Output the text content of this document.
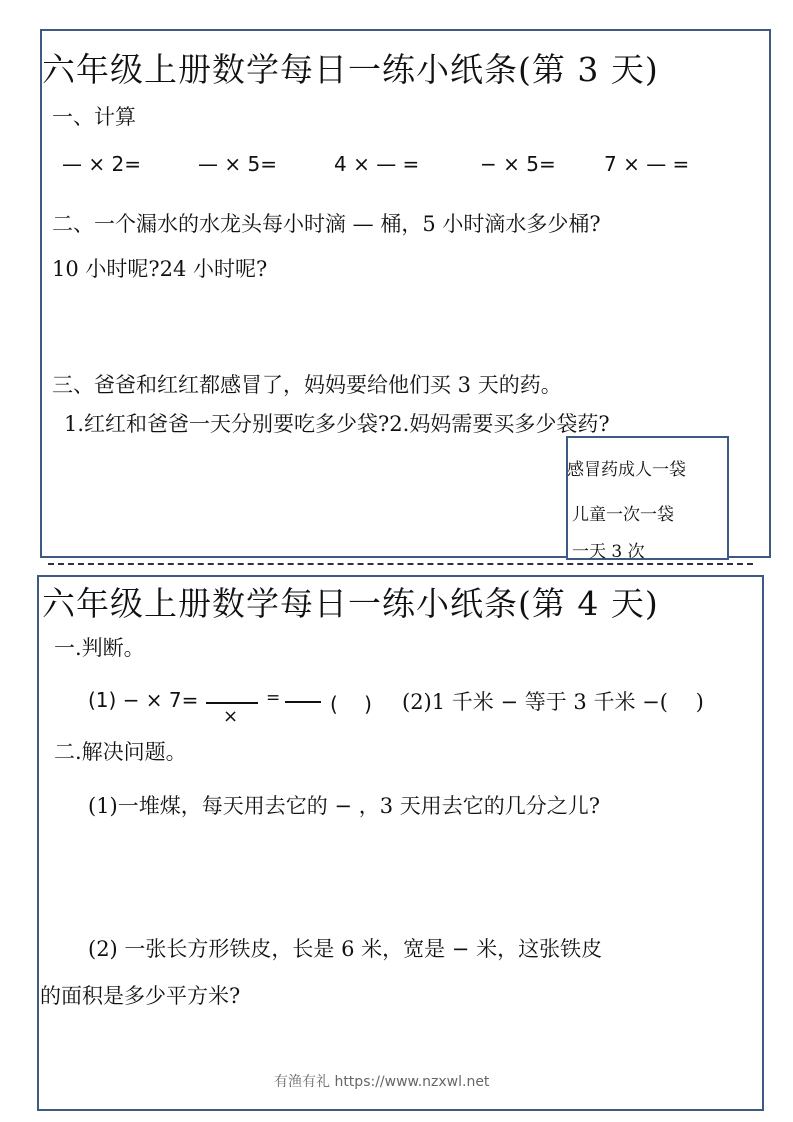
六年级上册数学每日一练小纸条(第 3 天)
一、计算
— × 2=	— × 5=	4 × — =	− × 5= 7 × — =
二、一个漏水的水龙头每小时滴 — 桶，5 小时滴水多少桶?
10 小时呢?24 小时呢?
三、爸爸和红红都感冒了，妈妈要给他们买 3 天的药。
1.红红和爸爸一天分别要吃多少袋?2.妈妈需要买多少袋药?
感冒药成人一袋
儿童一次一袋
一天 3 次
六年级上册数学每日一练小纸条(第 4 天)
一.判断。
(1) − × 7=
×
= (　 ) (2)1 千米 − 等于 3 千米 −(　 )
二.解决问题。
(1)一堆煤，每天用去它的 − ，3 天用去它的几分之儿?
(2) 一张长方形铁皮，长是 6 米，宽是 − 米，这张铁皮
的面积是多少平方米?
有渔有礼 https://www.nzxwl.net
